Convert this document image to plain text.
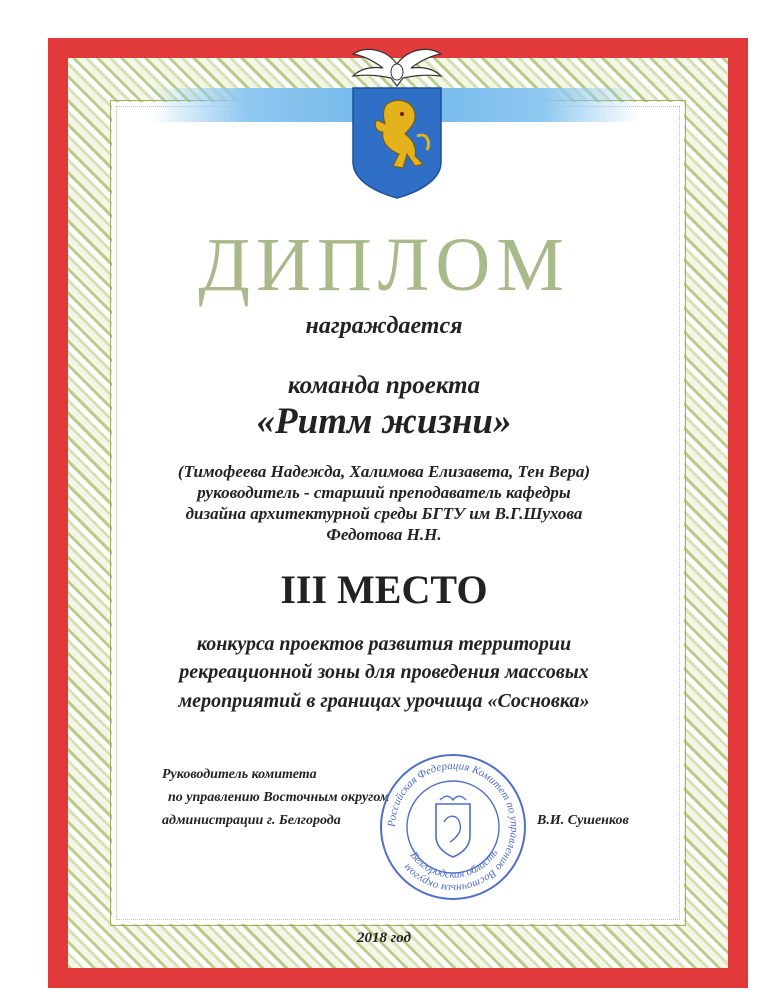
ДИПЛОМ
награждается
команда проекта
«Ритм жизни»
(Тимофеева Надежда, Халимова Елизавета, Тен Вера)
руководитель - старший преподаватель кафедры
дизайна архитектурной среды БГТУ им В.Г.Шухова
Федотова Н.Н.
III МЕСТО
конкурса проектов развития территории
рекреационной зоны для проведения массовых
мероприятий в границах урочища «Сосновка»
Руководитель комитета
по управлению Восточным округом
администрации г. Белгорода	Российская Федерация Комитет по управлению Восточным округом
Белгородская область
В.И. Сушенков
2018 год
